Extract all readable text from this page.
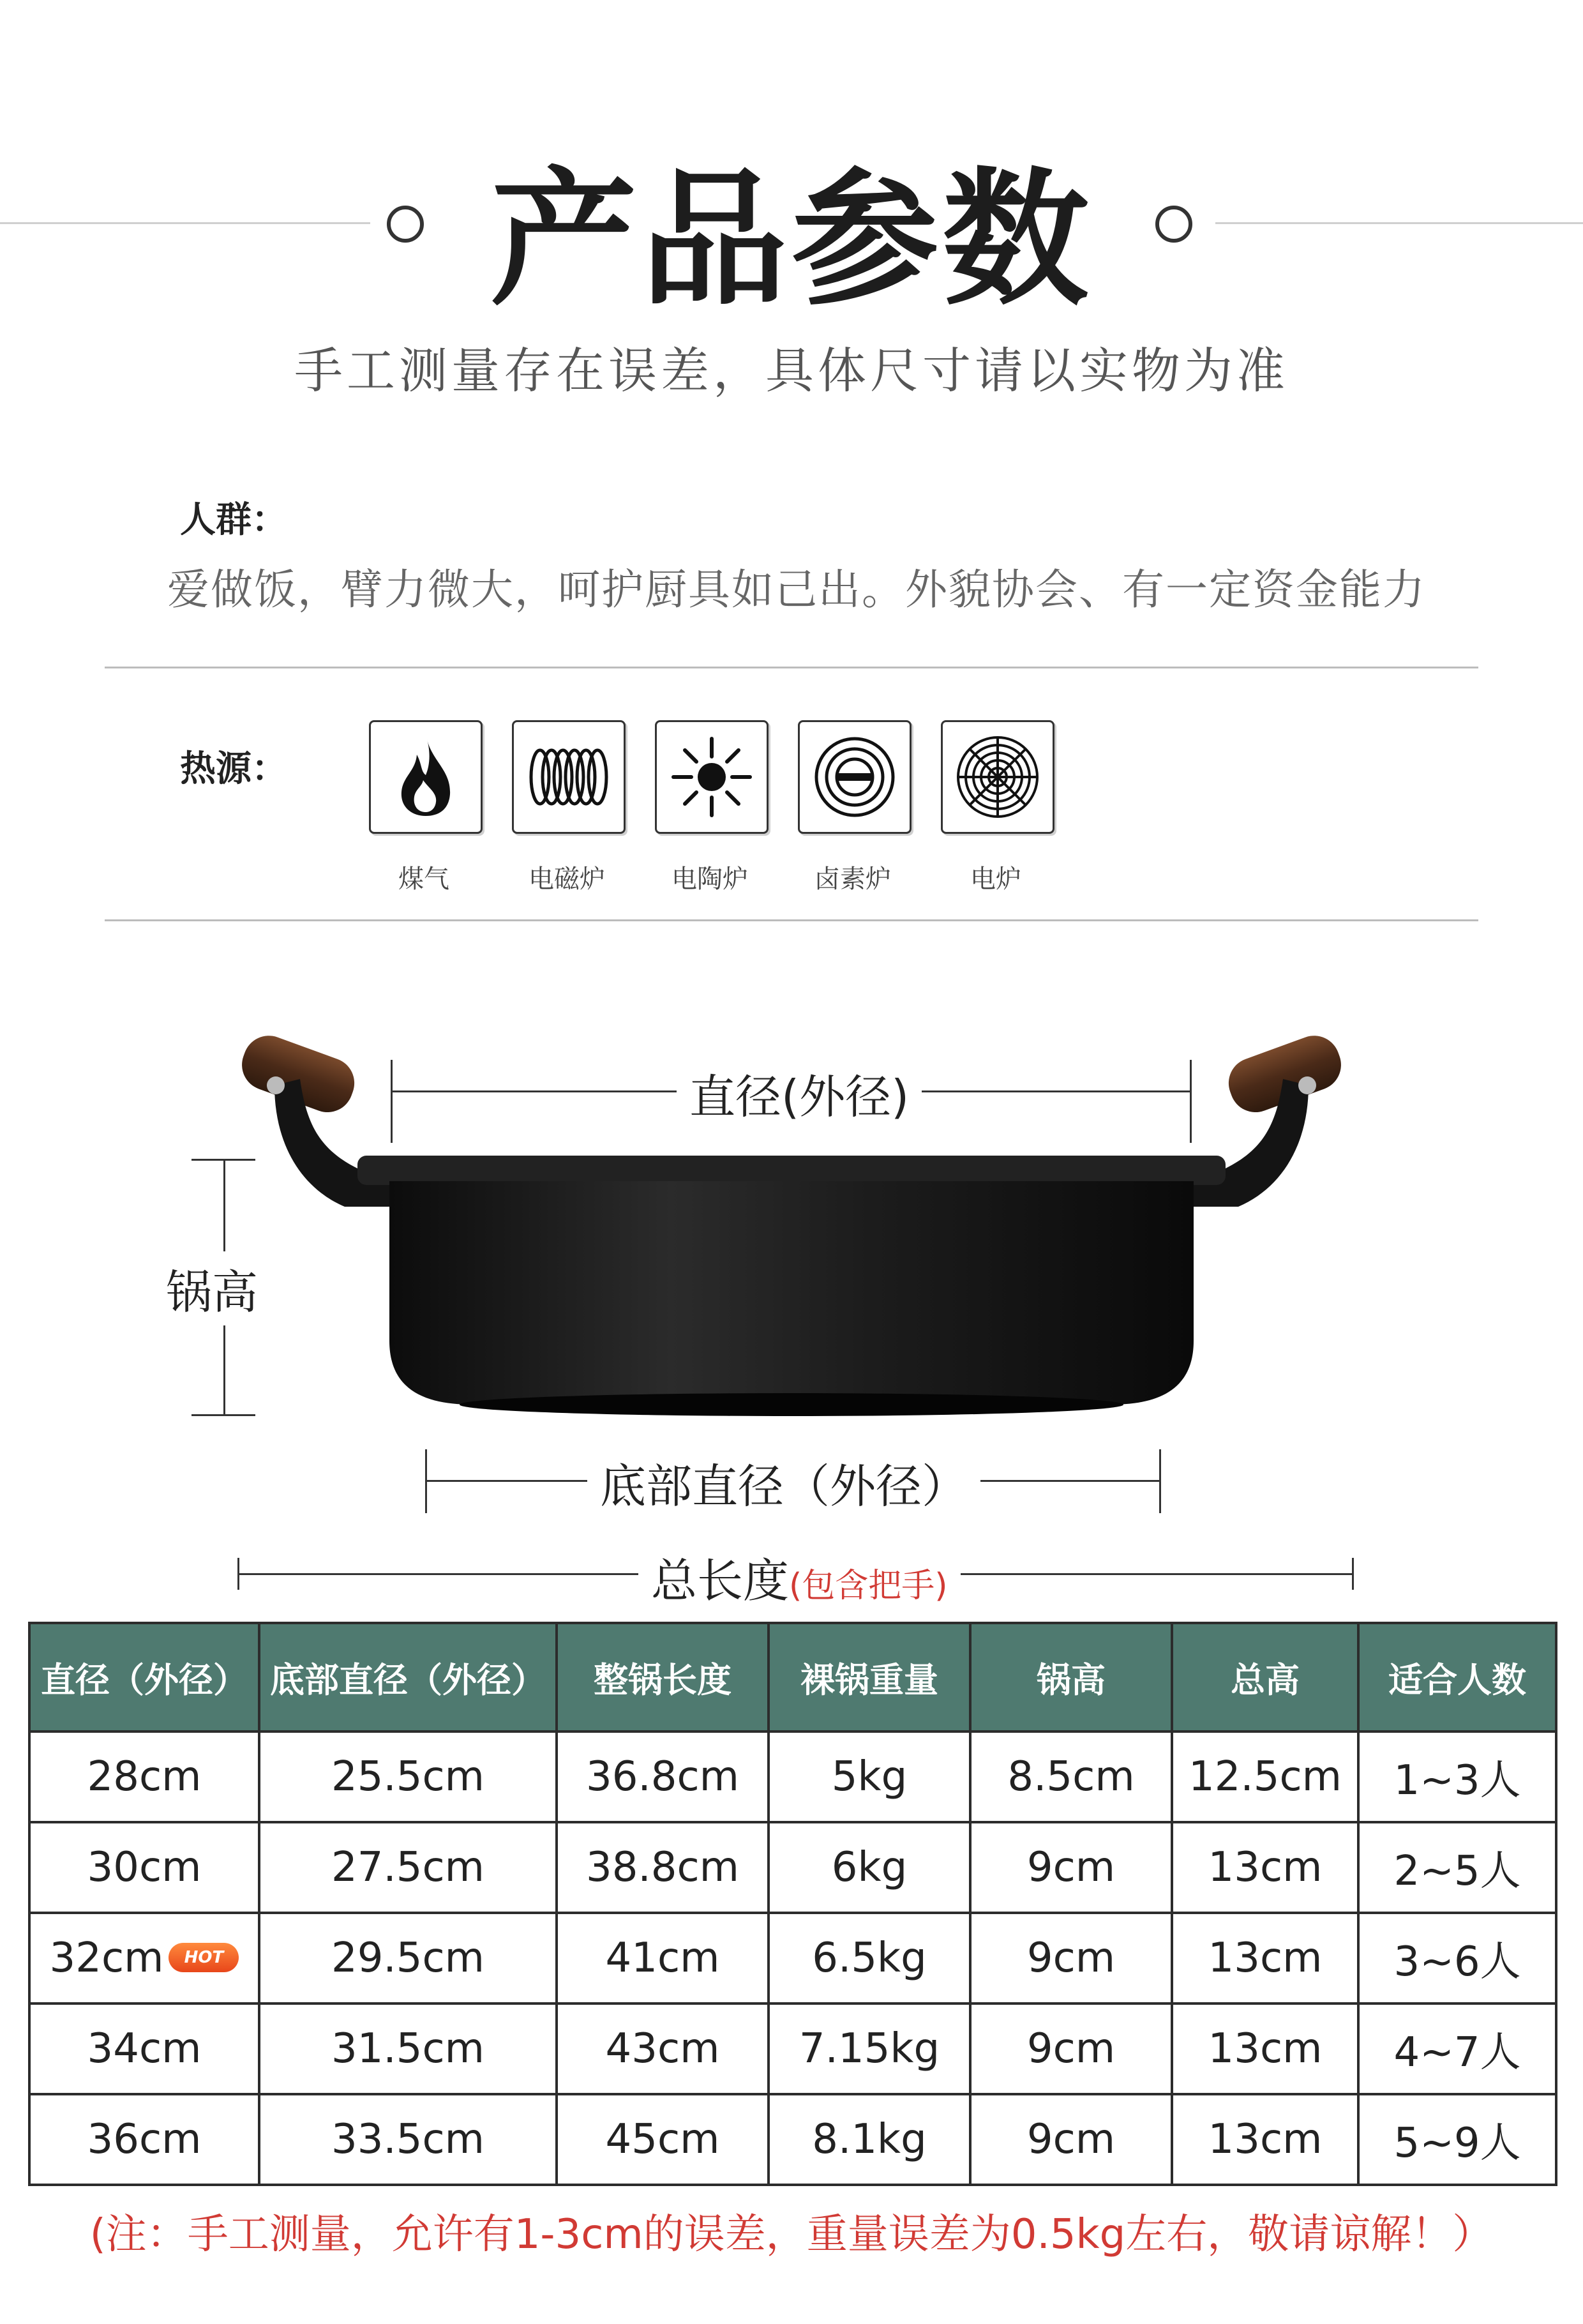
产品参数
手工测量存在误差，具体尺寸请以实物为准
人群：
爱做饭，臂力微大，呵护厨具如己出。外貌协会、有一定资金能力
热源：
煤气	电磁炉	电陶炉	卤素炉	电炉
直径(外径)
锅高
底部直径（外径）
总长度(包含把手)
直径（外径）	底部直径（外径）	整锅长度	裸锅重量	锅高	总高	适合人数
28cm	25.5cm	36.8cm	5kg	8.5cm	12.5cm	1~3人
30cm	27.5cm	38.8cm	6kg	9cm	13cm	2~5人
32cm HOT	29.5cm	41cm	6.5kg	9cm	13cm	3~6人
34cm	31.5cm	43cm	7.15kg	9cm	13cm	4~7人
36cm	33.5cm	45cm	8.1kg	9cm	13cm	5~9人
(注：手工测量，允许有1-3cm的误差，重量误差为0.5kg左右，敬请谅解！）
